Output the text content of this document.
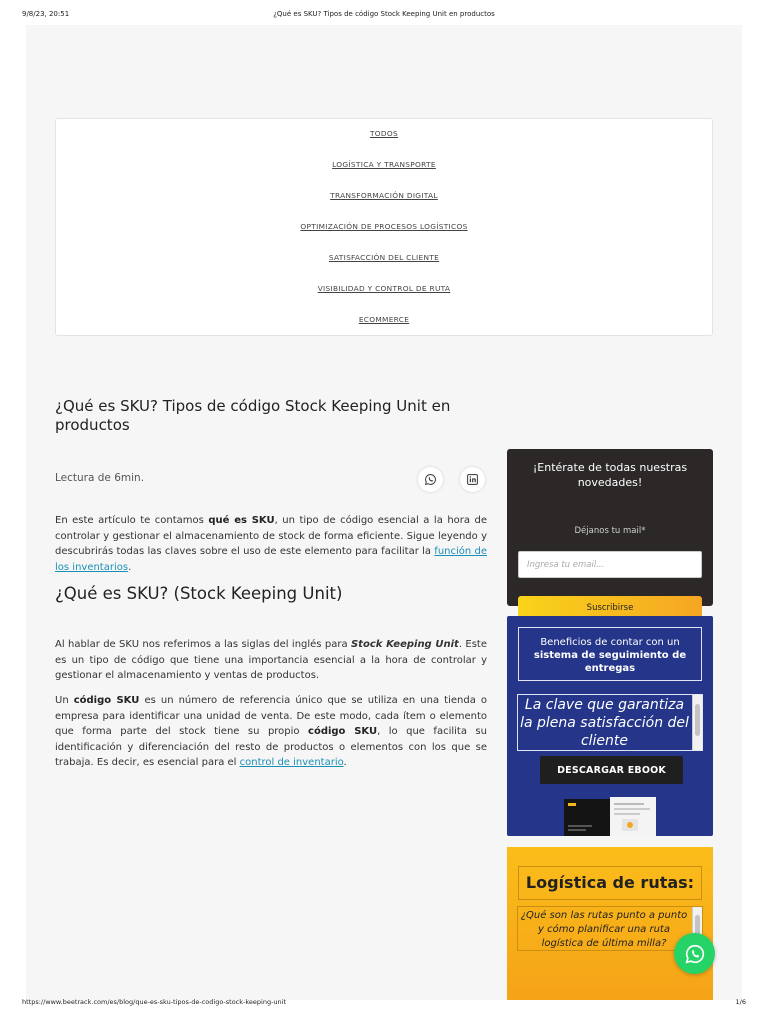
9/8/23, 20:51	¿Qué es SKU? Tipos de código Stock Keeping Unit en productos
TODOS
LOGÍSTICA Y TRANSPORTE
TRANSFORMACIÓN DIGITAL
OPTIMIZACIÓN DE PROCESOS LOGÍSTICOS
SATISFACCIÓN DEL CLIENTE
VISIBILIDAD Y CONTROL DE RUTA
ECOMMERCE
¿Qué es SKU? Tipos de código Stock Keeping Unit en productos
Lectura de 6min.

En este artículo te contamos qué es SKU, un tipo de código esencial a la hora de controlar y gestionar el almacenamiento de stock de forma eficiente. Sigue leyendo y descubrirás todas las claves sobre el uso de este elemento para facilitar la función de los inventarios.

¿Qué es SKU? (Stock Keeping Unit)

Al hablar de SKU nos referimos a las siglas del inglés para Stock Keeping Unit. Este es un tipo de código que tiene una importancia esencial a la hora de controlar y gestionar el almacenamiento y ventas de productos.

Un código SKU es un número de referencia único que se utiliza en una tienda o empresa para identificar una unidad de venta. De este modo, cada ítem o elemento que forma parte del stock tiene su propio código SKU, lo que facilita su identificación y diferenciación del resto de productos o elementos con los que se trabaja. Es decir, es esencial para el control de inventario.

¡Entérate de todas nuestras novedades!
Déjanos tu mail*
Ingresa tu email...
Suscribirse
Beneficios de contar con un
sistema de seguimiento de entregas
La clave que garantiza la plena satisfacción del cliente
DESCARGAR EBOOK
Logística de rutas:
¿Qué son las rutas punto a punto y cómo planificar una ruta logística de última milla?
https://www.beetrack.com/es/blog/que-es-sku-tipos-de-codigo-stock-keeping-unit	1/6
